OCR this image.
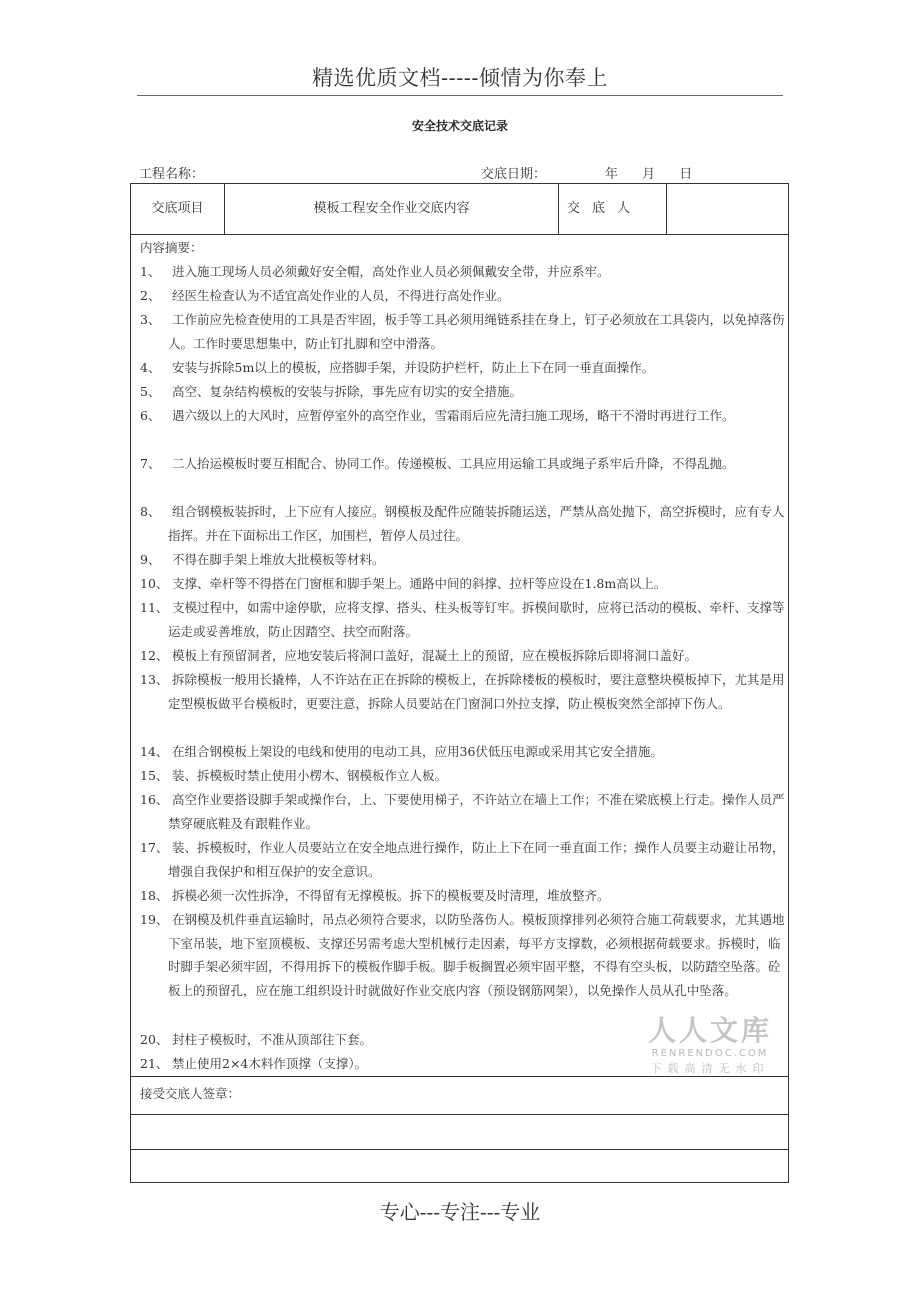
精选优质文档-----倾情为你奉上
安全技术交底记录
工程名称：	交底日期：	年 月 日
交底项目	模板工程安全作业交底内容	交底人
内容摘要：
1、 进入施工现场人员必须戴好安全帽，高处作业人员必须佩戴安全带，并应系牢。
2、 经医生检查认为不适宜高处作业的人员，不得进行高处作业。
3、 工作前应先检查使用的工具是否牢固，板手等工具必须用绳链系挂在身上，钉子必须放在工具袋内，以免掉落伤人。工作时要思想集中，防止钉扎脚和空中滑落。
4、 安装与拆除5m以上的模板，应搭脚手架，并设防护栏杆，防止上下在同一垂直面操作。
5、 高空、复杂结构模板的安装与拆除，事先应有切实的安全措施。
6、 遇六级以上的大风时，应暂停室外的高空作业，雪霜雨后应先清扫施工现场，略干不滑时再进行工作。
7、 二人抬运模板时要互相配合、协同工作。传递模板、工具应用运输工具或绳子系牢后升降，不得乱抛。
8、 组合钢模板装拆时，上下应有人接应。钢模板及配件应随装拆随运送，严禁从高处抛下，高空拆模时，应有专人指挥。并在下面标出工作区，加围栏，暂停人员过往。
9、 不得在脚手架上堆放大批模板等材料。
10、 支撑、牵杆等不得搭在门窗框和脚手架上。通路中间的斜撑、拉杆等应设在1.8m高以上。
11、 支模过程中，如需中途停歇，应将支撑、搭头、柱头板等钉牢。拆模间歇时，应将已活动的模板、牵杆、支撑等运走或妥善堆放，防止因踏空、扶空而附落。
12、 模板上有预留洞者，应地安装后将洞口盖好，混凝土上的预留，应在模板拆除后即将洞口盖好。
13、 拆除模板一般用长撬棒，人不许站在正在拆除的模板上，在拆除楼板的模板时，要注意整块模板掉下，尤其是用定型模板做平台模板时，更要注意，拆除人员要站在门窗洞口外拉支撑，防止模板突然全部掉下伤人。
14、 在组合钢模板上架设的电线和使用的电动工具，应用36伏低压电源或采用其它安全措施。
15、 装、拆模板时禁止使用小楞木、钢模板作立人板。
16、 高空作业要搭设脚手架或操作台，上、下要使用梯子，不许站立在墙上工作；不准在梁底模上行走。操作人员严禁穿硬底鞋及有跟鞋作业。
17、 装、拆模板时，作业人员要站立在安全地点进行操作，防止上下在同一垂直面工作；操作人员要主动避让吊物，增强自我保护和相互保护的安全意识。
18、 拆模必须一次性拆净，不得留有无撑模板。拆下的模板要及时清理，堆放整齐。
19、 在钢模及机件垂直运输时，吊点必须符合要求，以防坠落伤人。模板顶撑排列必须符合施工荷载要求，尤其遇地下室吊装，地下室顶模板、支撑还另需考虑大型机械行走因素，每平方支撑数，必须根据荷载要求。拆模时，临时脚手架必须牢固，不得用拆下的模板作脚手板。脚手板搁置必须牢固平整，不得有空头板，以防踏空坠落。砼板上的预留孔，应在施工组织设计时就做好作业交底内容（预设钢筋网架），以免操作人员从孔中坠落。
20、 封柱子模板时，不准从顶部往下套。
21、 禁止使用2×4木料作顶撑（支撑）。
接受交底人签章：
人人文库
RENRENDOC.COM
下载高清无水印
专心---专注---专业
